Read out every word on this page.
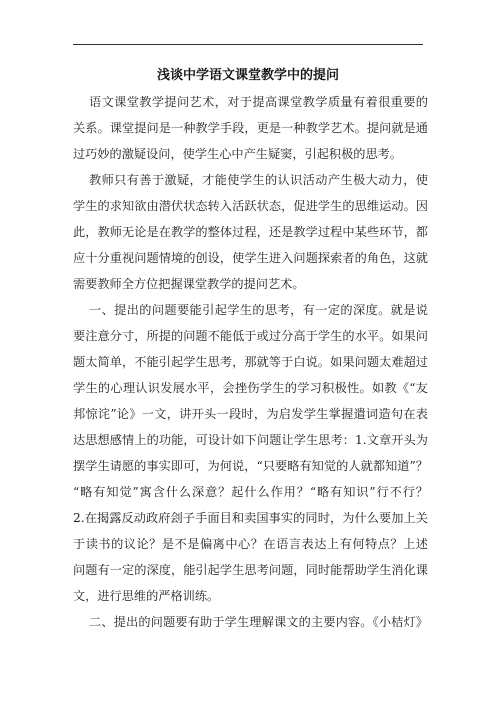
浅谈中学语文课堂教学中的提问
语文课堂教学提问艺术，对于提高课堂教学质量有着很重要的
关系。课堂提问是一种教学手段，更是一种教学艺术。提问就是通
过巧妙的激疑设问，使学生心中产生疑窦，引起积极的思考。
教师只有善于激疑，才能使学生的认识活动产生极大动力，使
学生的求知欲由潜伏状态转入活跃状态，促进学生的思维运动。因
此，教师无论是在教学的整体过程，还是教学过程中某些环节，都
应十分重视问题情境的创设，使学生进入问题探索者的角色，这就
需要教师全方位把握课堂教学的提问艺术。
一、提出的问题要能引起学生的思考，有一定的深度。就是说
要注意分寸，所提的问题不能低于或过分高于学生的水平。如果问
题太简单，不能引起学生思考，那就等于白说。如果问题太难超过
学生的心理认识发展水平，会挫伤学生的学习积极性。如教《“友
邦惊诧”论》一文，讲开头一段时，为启发学生掌握遣词造句在表
达思想感情上的功能，可设计如下问题让学生思考：1.文章开头为
摆学生请愿的事实即可，为何说，“只要略有知觉的人就都知道”？
“略有知觉”寓含什么深意？起什么作用？“略有知识”行不行？
2.在揭露反动政府刽子手面目和卖国事实的同时，为什么要加上关
于读书的议论？是不是偏离中心？在语言表达上有何特点？上述
问题有一定的深度，能引起学生思考问题，同时能帮助学生消化课
文，进行思维的严格训练。
二、提出的问题要有助于学生理解课文的主要内容。《小桔灯》
